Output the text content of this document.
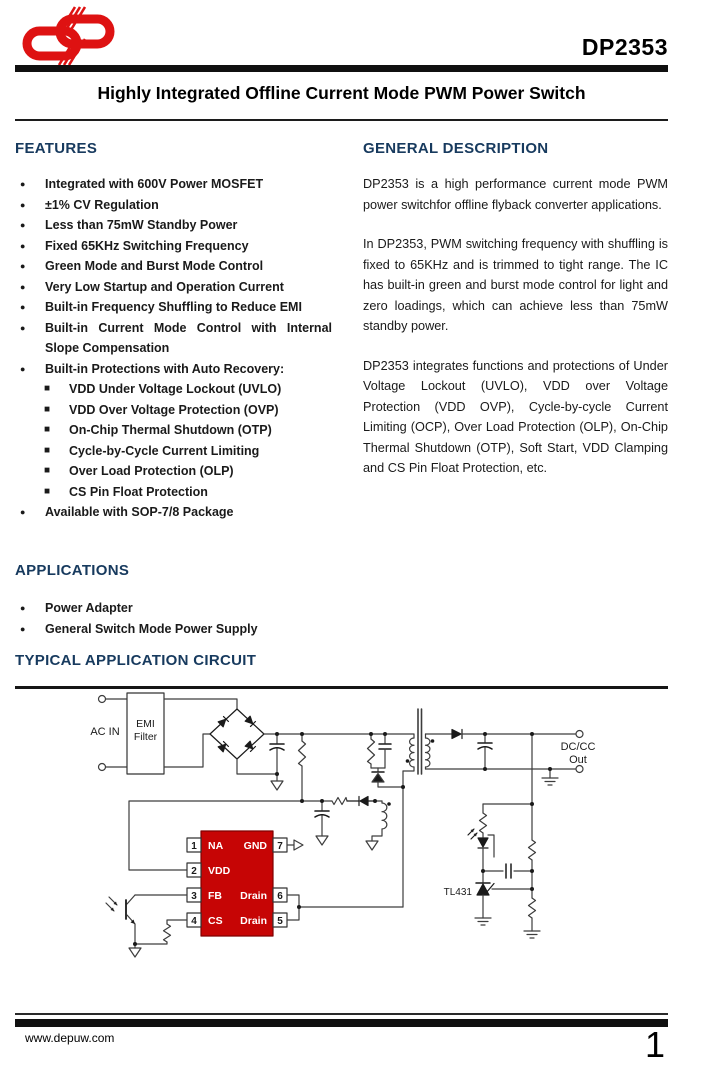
DP2353
Highly Integrated Offline Current Mode PWM Power Switch
FEATURES
●	Integrated with 600V Power MOSFET
●	±1% CV Regulation
●	Less than 75mW Standby Power
●	Fixed 65KHz Switching Frequency
●	Green Mode and Burst Mode Control
●	Very Low Startup and Operation Current
●	Built-in Frequency Shuffling to Reduce EMI
●	Built-in Current Mode Control with Internal Slope Compensation
●	Built-in Protections with Auto Recovery:
■	VDD Under Voltage Lockout (UVLO)
■	VDD Over Voltage Protection (OVP)
■	On-Chip Thermal Shutdown (OTP)
■	Cycle-by-Cycle Current Limiting
■	Over Load Protection (OLP)
■	CS Pin Float Protection
●	Available with SOP-7/8 Package
APPLICATIONS
●	Power Adapter
●	General Switch Mode Power Supply
TYPICAL APPLICATION CIRCUIT
GENERAL DESCRIPTION

DP2353 is a high performance current mode PWM power switchfor offline flyback converter applications.

In DP2353, PWM switching frequency with shuffling is fixed to 65KHz and is trimmed to tight range. The IC has built-in green and burst mode control for light and zero loadings, which can achieve less than 75mW standby power.

DP2353 integrates functions and protections of Under Voltage Lockout (UVLO), VDD over Voltage Protection (VDD OVP), Cycle-by-cycle Current Limiting (OCP), Over Load Protection (OLP), On-Chip Thermal Shutdown (OTP), Soft Start, VDD Clamping and CS Pin Float Protection, etc.

AC IN
EMI
Filter
DC/CC
Out
TL431
1
2
3
4
7
6
5
NA
VDD
FB
CS
GND
Drain
Drain
www.depuw.com	1
